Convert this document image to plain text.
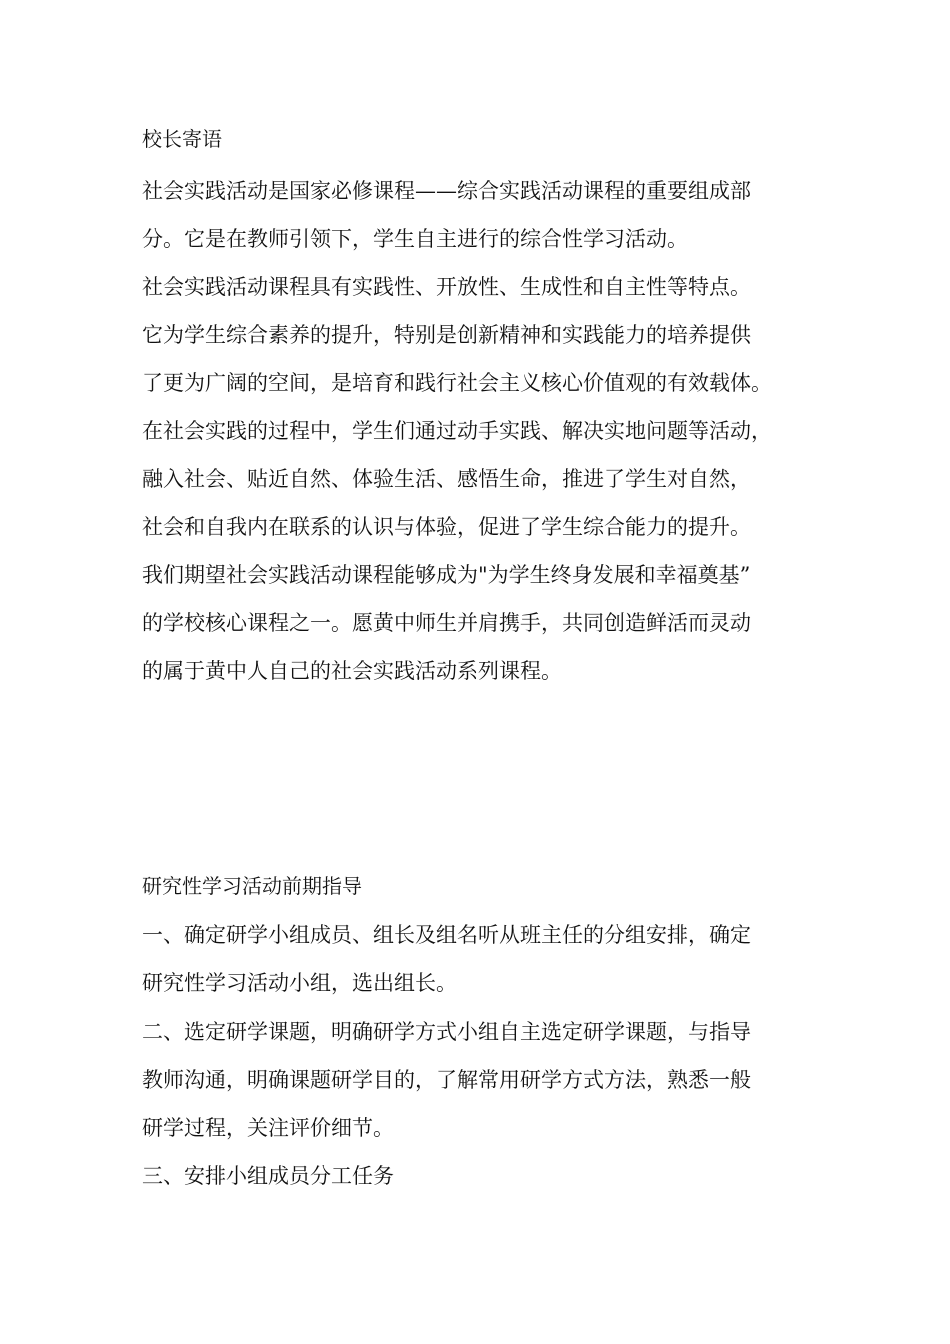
校长寄语
社会实践活动是国家必修课程——综合实践活动课程的重要组成部
分。它是在教师引领下，学生自主进行的综合性学习活动。
社会实践活动课程具有实践性、开放性、生成性和自主性等特点。
它为学生综合素养的提升，特别是创新精神和实践能力的培养提供
了更为广阔的空间，是培育和践行社会主义核心价值观的有效载体。
在社会实践的过程中，学生们通过动手实践、解决实地问题等活动，
融入社会、贴近自然、体验生活、感悟生命，推进了学生对自然，
社会和自我内在联系的认识与体验，促进了学生综合能力的提升。
我们期望社会实践活动课程能够成为"为学生终身发展和幸福奠基”
的学校核心课程之一。愿黄中师生并肩携手，共同创造鲜活而灵动
的属于黄中人自己的社会实践活动系列课程。
研究性学习活动前期指导
一、确定研学小组成员、组长及组名听从班主任的分组安排，确定
研究性学习活动小组，选出组长。
二、选定研学课题，明确研学方式小组自主选定研学课题，与指导
教师沟通，明确课题研学目的，了解常用研学方式方法，熟悉一般
研学过程，关注评价细节。
三、安排小组成员分工任务
